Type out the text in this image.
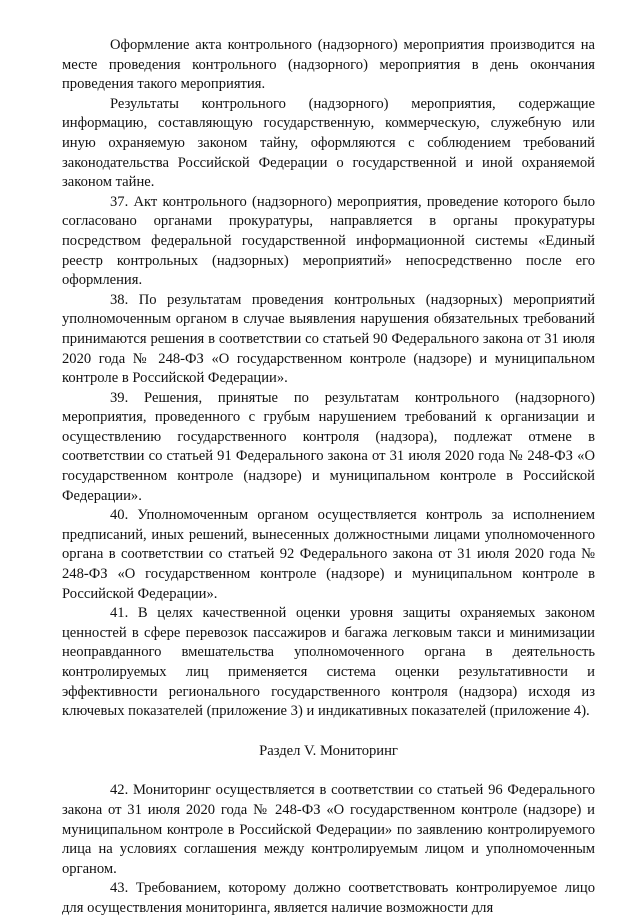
Оформление акта контрольного (надзорного) мероприятия производится на месте проведения контрольного (надзорного) мероприятия в день окончания проведения такого мероприятия.

Результаты контрольного (надзорного) мероприятия, содержащие информацию, составляющую государственную, коммерческую, служебную или иную охраняемую законом тайну, оформляются с соблюдением требований законодательства Российской Федерации о государственной и иной охраняемой законом тайне.

37. Акт контрольного (надзорного) мероприятия, проведение которого было согласовано органами прокуратуры, направляется в органы прокуратуры посредством федеральной государственной информационной системы «Единый реестр контрольных (надзорных) мероприятий» непосредственно после его оформления.

38. По результатам проведения контрольных (надзорных) мероприятий уполномоченным органом в случае выявления нарушения обязательных требований принимаются решения в соответствии со статьей 90 Федерального закона от 31 июля 2020 года № 248-ФЗ «О государственном контроле (надзоре) и муниципальном контроле в Российской Федерации».

39. Решения, принятые по результатам контрольного (надзорного) мероприятия, проведенного с грубым нарушением требований к организации и осуществлению государственного контроля (надзора), подлежат отмене в соответствии со статьей 91 Федерального закона от 31 июля 2020 года № 248-ФЗ «О государственном контроле (надзоре) и муниципальном контроле в Российской Федерации».

40. Уполномоченным органом осуществляется контроль за исполнением предписаний, иных решений, вынесенных должностными лицами уполномоченного органа в соответствии со статьей 92 Федерального закона от 31 июля 2020 года № 248-ФЗ «О государственном контроле (надзоре) и муниципальном контроле в Российской Федерации».

41. В целях качественной оценки уровня защиты охраняемых законом ценностей в сфере перевозок пассажиров и багажа легковым такси и минимизации неоправданного вмешательства уполномоченного органа в деятельность контролируемых лиц применяется система оценки результативности и эффективности регионального государственного контроля (надзора) исходя из ключевых показателей (приложение 3) и индикативных показателей (приложение 4).

Раздел V. Мониторинг

42. Мониторинг осуществляется в соответствии со статьей 96 Федерального закона от 31 июля 2020 года № 248-ФЗ «О государственном контроле (надзоре) и муниципальном контроле в Российской Федерации» по заявлению контролируемого лица на условиях соглашения между контролируемым лицом и уполномоченным органом.

43. Требованием, которому должно соответствовать контролируемое лицо для осуществления мониторинга, является наличие возможности для
